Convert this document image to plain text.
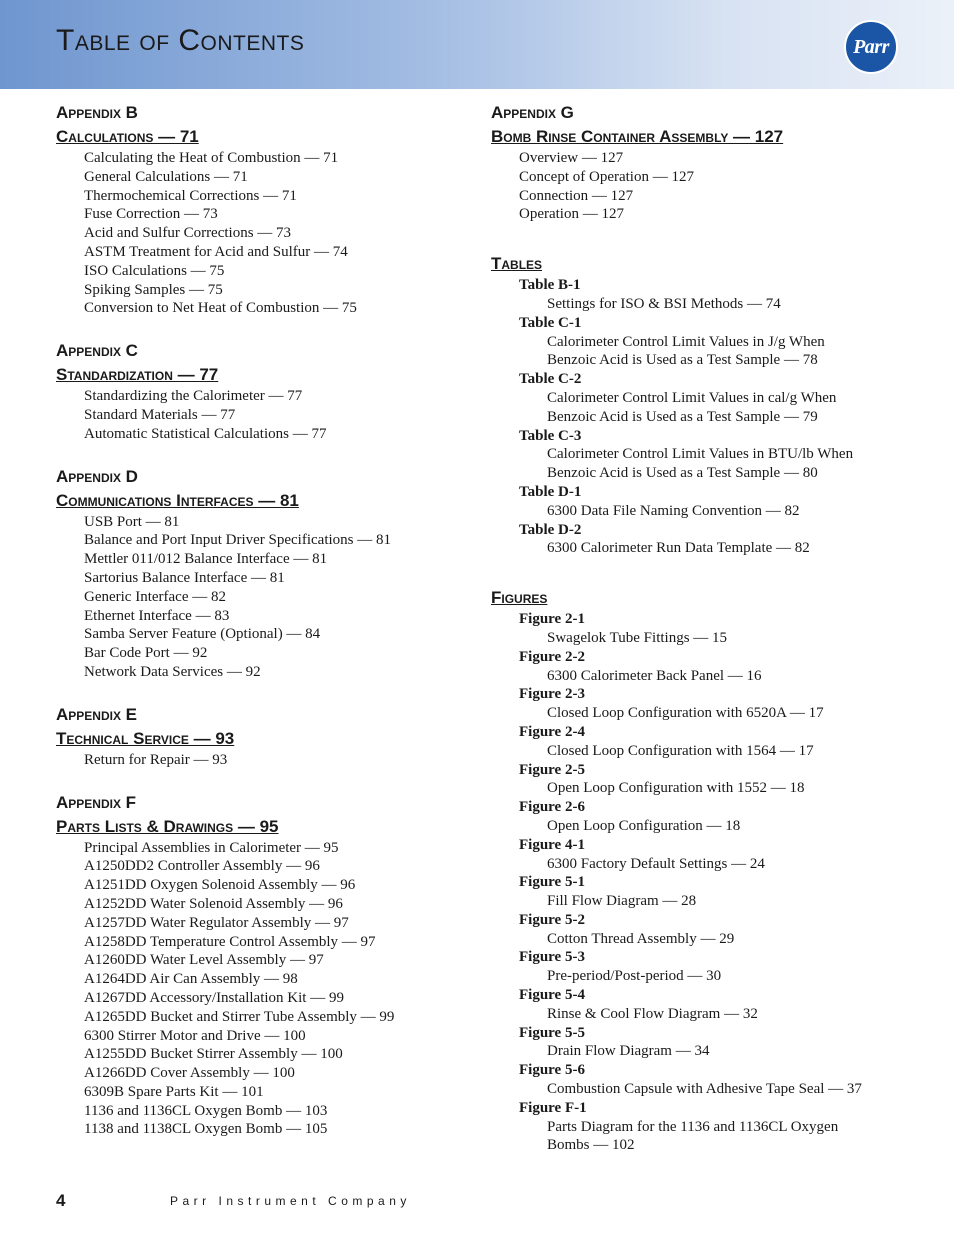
Table of Contents	Parr
Appendix B
Calculations — 71
Calculating the Heat of Combustion — 71
General Calculations — 71
Thermochemical Corrections — 71
Fuse Correction — 73
Acid and Sulfur Corrections — 73
ASTM Treatment for Acid and Sulfur — 74
ISO Calculations — 75
Spiking Samples — 75
Conversion to Net Heat of Combustion — 75
Appendix C
Standardization — 77
Standardizing the Calorimeter — 77
Standard Materials — 77
Automatic Statistical Calculations — 77
Appendix D
Communications Interfaces — 81
USB Port — 81
Balance and Port Input Driver Specifications — 81
Mettler 011/012 Balance Interface — 81
Sartorius Balance Interface — 81
Generic Interface — 82
Ethernet Interface — 83
Samba Server Feature (Optional) — 84
Bar Code Port — 92
Network Data Services — 92
Appendix E
Technical Service — 93
Return for Repair — 93
Appendix F
Parts Lists & Drawings — 95
Principal Assemblies in Calorimeter — 95
A1250DD2 Controller Assembly — 96
A1251DD Oxygen Solenoid Assembly — 96
A1252DD Water Solenoid Assembly — 96
A1257DD Water Regulator Assembly — 97
A1258DD Temperature Control Assembly — 97
A1260DD Water Level Assembly — 97
A1264DD Air Can Assembly — 98
A1267DD Accessory/Installation Kit — 99
A1265DD Bucket and Stirrer Tube Assembly — 99
6300 Stirrer Motor and Drive — 100
A1255DD Bucket Stirrer Assembly — 100
A1266DD Cover Assembly — 100
6309B Spare Parts Kit — 101
1136 and 1136CL Oxygen Bomb — 103
1138 and 1138CL Oxygen Bomb — 105
Appendix G
Bomb Rinse Container Assembly — 127
Overview — 127
Concept of Operation — 127
Connection — 127
Operation — 127
Tables
Table B-1
Settings for ISO & BSI Methods — 74
Table C-1
Calorimeter Control Limit Values in J/g When
Benzoic Acid is Used as a Test Sample — 78
Table C-2
Calorimeter Control Limit Values in cal/g When
Benzoic Acid is Used as a Test Sample — 79
Table C-3
Calorimeter Control Limit Values in BTU/lb When
Benzoic Acid is Used as a Test Sample — 80
Table D-1
6300 Data File Naming Convention — 82
Table D-2
6300 Calorimeter Run Data Template — 82
Figures
Figure 2-1
Swagelok Tube Fittings — 15
Figure 2-2
6300 Calorimeter Back Panel — 16
Figure 2-3
Closed Loop Configuration with 6520A — 17
Figure 2-4
Closed Loop Configuration with 1564 — 17
Figure 2-5
Open Loop Configuration with 1552 — 18
Figure 2-6
Open Loop Configuration — 18
Figure 4-1
6300 Factory Default Settings — 24
Figure 5-1
Fill Flow Diagram — 28
Figure 5-2
Cotton Thread Assembly — 29
Figure 5-3
Pre-period/Post-period — 30
Figure 5-4
Rinse & Cool Flow Diagram — 32
Figure 5-5
Drain Flow Diagram — 34
Figure 5-6
Combustion Capsule with Adhesive Tape Seal — 37
Figure F-1
Parts Diagram for the 1136 and 1136CL Oxygen
Bombs — 102
4	Parr Instrument Company
